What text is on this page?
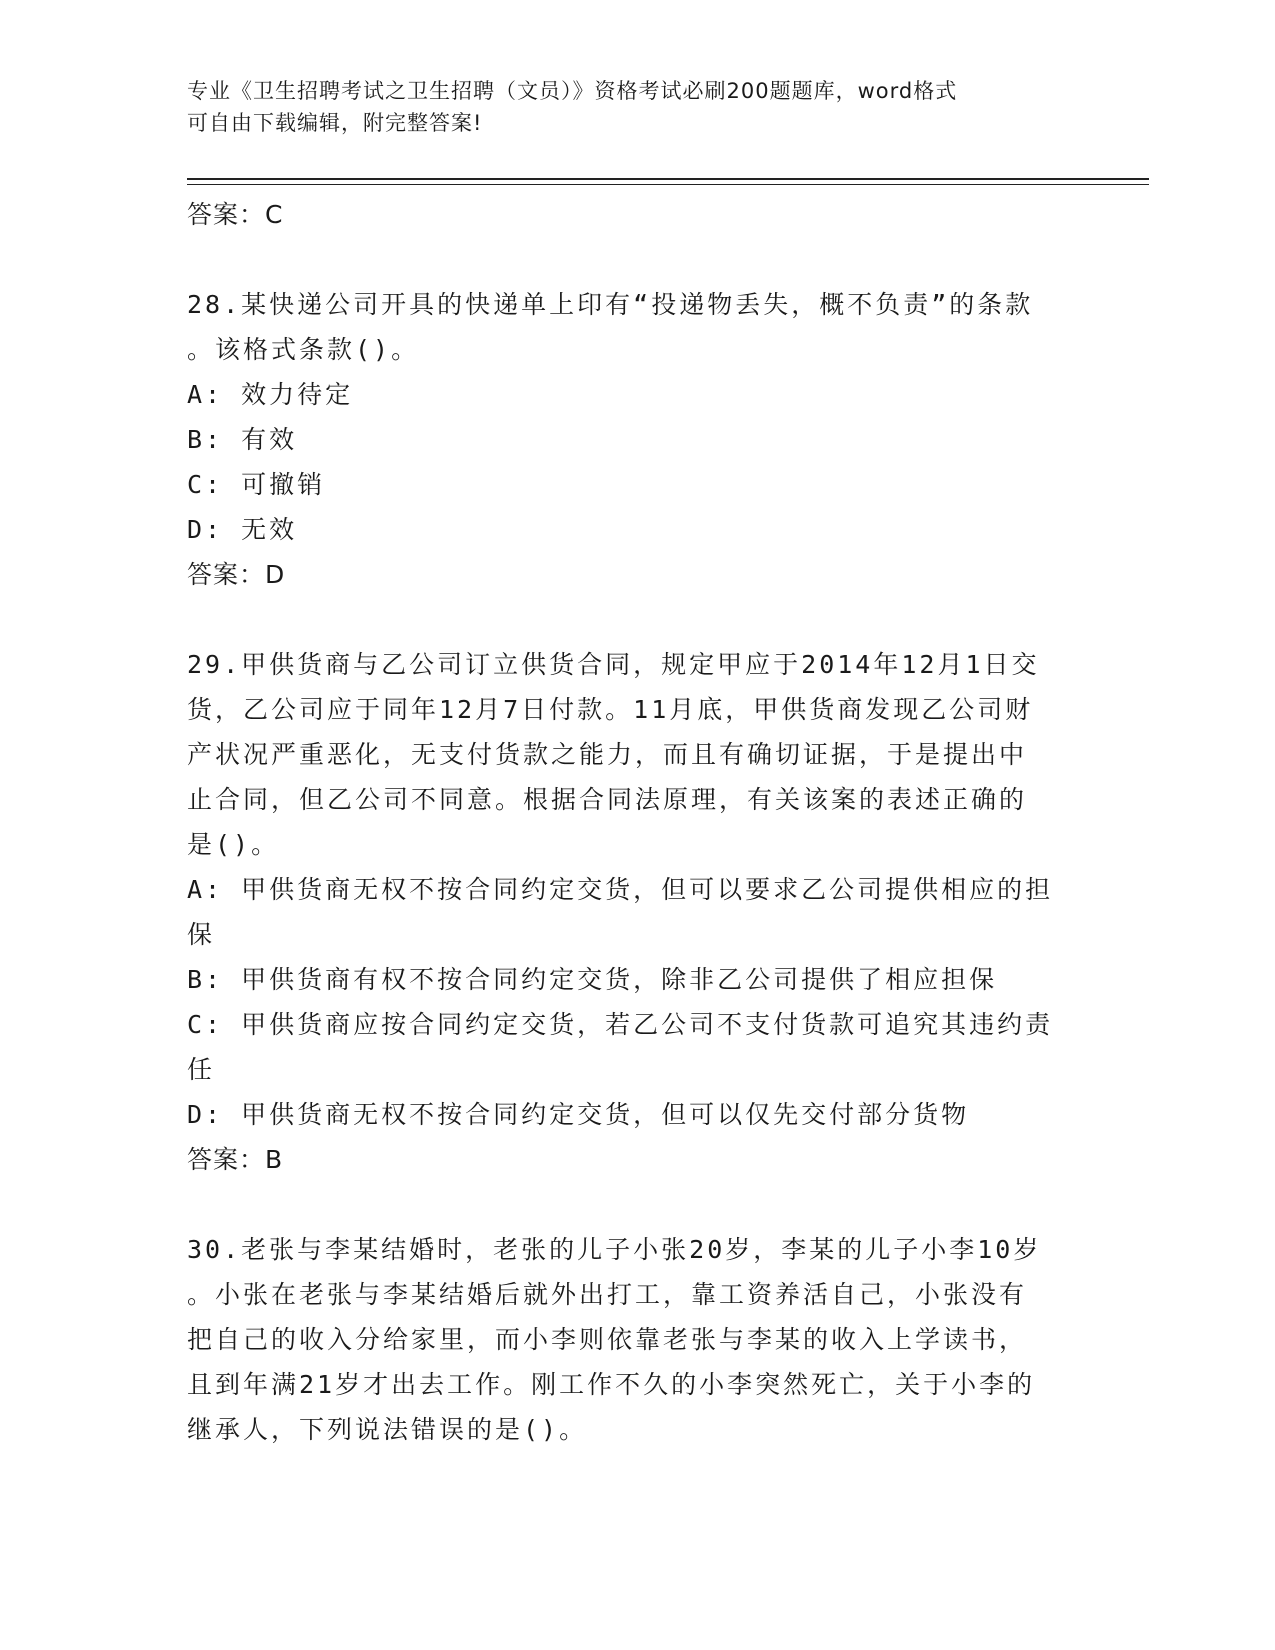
专业《卫生招聘考试之卫生招聘（文员）》资格考试必刷200题题库，word格式
可自由下载编辑，附完整答案!
答案：C
28.某快递公司开具的快递单上印有“投递物丢失，概不负责”的条款
。该格式条款()。
A: 效力待定
B: 有效
C: 可撤销
D: 无效
答案：D
29.甲供货商与乙公司订立供货合同，规定甲应于2014年12月1日交
货，乙公司应于同年12月7日付款。11月底，甲供货商发现乙公司财
产状况严重恶化，无支付货款之能力，而且有确切证据，于是提出中
止合同，但乙公司不同意。根据合同法原理，有关该案的表述正确的
是()。
A: 甲供货商无权不按合同约定交货，但可以要求乙公司提供相应的担
保
B: 甲供货商有权不按合同约定交货，除非乙公司提供了相应担保
C: 甲供货商应按合同约定交货，若乙公司不支付货款可追究其违约责
任
D: 甲供货商无权不按合同约定交货，但可以仅先交付部分货物
答案：B
30.老张与李某结婚时，老张的儿子小张20岁，李某的儿子小李10岁
。小张在老张与李某结婚后就外出打工，靠工资养活自己，小张没有
把自己的收入分给家里，而小李则依靠老张与李某的收入上学读书，
且到年满21岁才出去工作。刚工作不久的小李突然死亡，关于小李的
继承人，下列说法错误的是()。
